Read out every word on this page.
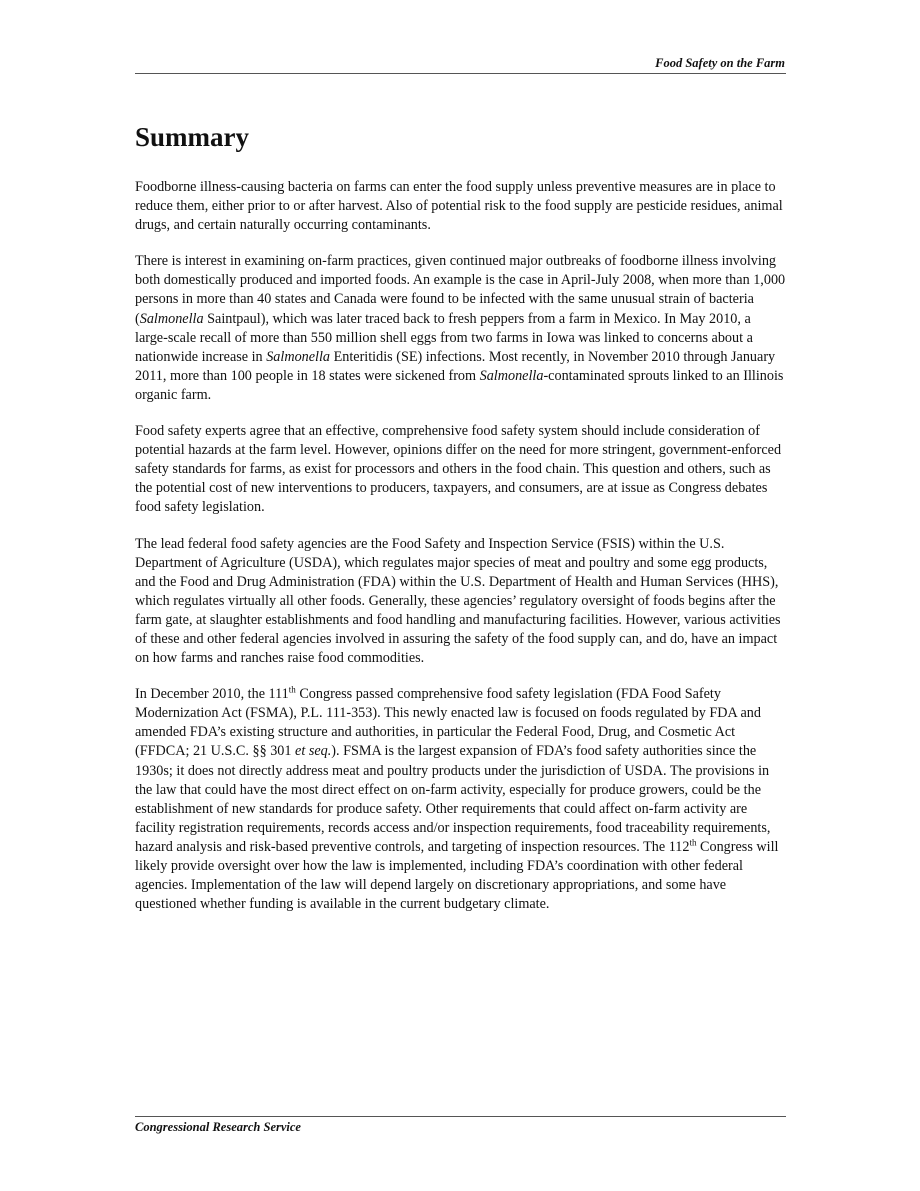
Food Safety on the Farm
Summary

Foodborne illness-causing bacteria on farms can enter the food supply unless preventive measures are in place to reduce them, either prior to or after harvest. Also of potential risk to the food supply are pesticide residues, animal drugs, and certain naturally occurring contaminants.

There is interest in examining on-farm practices, given continued major outbreaks of foodborne illness involving both domestically produced and imported foods. An example is the case in April-July 2008, when more than 1,000 persons in more than 40 states and Canada were found to be infected with the same unusual strain of bacteria (Salmonella Saintpaul), which was later traced back to fresh peppers from a farm in Mexico. In May 2010, a large-scale recall of more than 550 million shell eggs from two farms in Iowa was linked to concerns about a nationwide increase in Salmonella Enteritidis (SE) infections. Most recently, in November 2010 through January 2011, more than 100 people in 18 states were sickened from Salmonella-contaminated sprouts linked to an Illinois organic farm.

Food safety experts agree that an effective, comprehensive food safety system should include consideration of potential hazards at the farm level. However, opinions differ on the need for more stringent, government-enforced safety standards for farms, as exist for processors and others in the food chain. This question and others, such as the potential cost of new interventions to producers, taxpayers, and consumers, are at issue as Congress debates food safety legislation.

The lead federal food safety agencies are the Food Safety and Inspection Service (FSIS) within the U.S. Department of Agriculture (USDA), which regulates major species of meat and poultry and some egg products, and the Food and Drug Administration (FDA) within the U.S. Department of Health and Human Services (HHS), which regulates virtually all other foods. Generally, these agencies’ regulatory oversight of foods begins after the farm gate, at slaughter establishments and food handling and manufacturing facilities. However, various activities of these and other federal agencies involved in assuring the safety of the food supply can, and do, have an impact on how farms and ranches raise food commodities.

In December 2010, the 111th Congress passed comprehensive food safety legislation (FDA Food Safety Modernization Act (FSMA), P.L. 111-353). This newly enacted law is focused on foods regulated by FDA and amended FDA’s existing structure and authorities, in particular the Federal Food, Drug, and Cosmetic Act (FFDCA; 21 U.S.C. §§ 301 et seq.). FSMA is the largest expansion of FDA’s food safety authorities since the 1930s; it does not directly address meat and poultry products under the jurisdiction of USDA. The provisions in the law that could have the most direct effect on on-farm activity, especially for produce growers, could be the establishment of new standards for produce safety. Other requirements that could affect on-farm activity are facility registration requirements, records access and/or inspection requirements, food traceability requirements, hazard analysis and risk-based preventive controls, and targeting of inspection resources. The 112th Congress will likely provide oversight over how the law is implemented, including FDA’s coordination with other federal agencies. Implementation of the law will depend largely on discretionary appropriations, and some have questioned whether funding is available in the current budgetary climate.

Congressional Research Service
